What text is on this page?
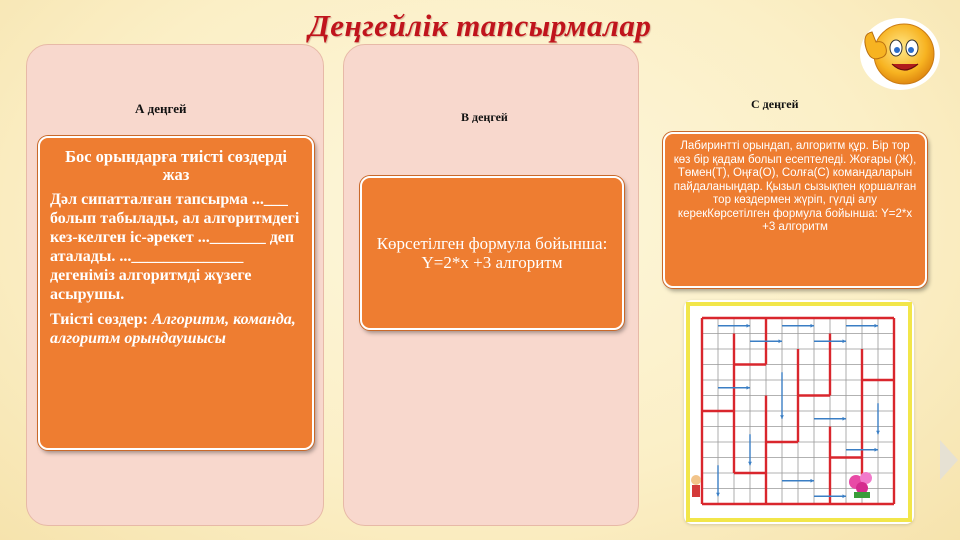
Деңгейлік тапсырмалар
А деңгей
Бос орындарға тиісті сөздерді жаз
Дәл сипатталған тапсырма ...___ болып табылады, ал алгоритмдегі кез-келген іс-әрекет ..._______ деп аталады. ...______________ дегеніміз алгоритмді жүзеге асырушы.
Тиісті сөздер: Алгоритм, команда, алгоритм орындаушысы
В деңгей
Көрсетілген формула бойынша: Y=2*x +3 алгоритм
С деңгей
Лабиринтті орындап, алгоритм құр. Бір тор көз бір қадам болып есептеледі. Жоғары (Ж), Төмен(Т), Оңға(О), Солға(С) командаларын пайдаланыңдар. Қызыл сызықпен қоршалған тор көздермен жүріп, гүлді алу керекКөрсетілген формула бойынша: Y=2*x +3 алгоритм
